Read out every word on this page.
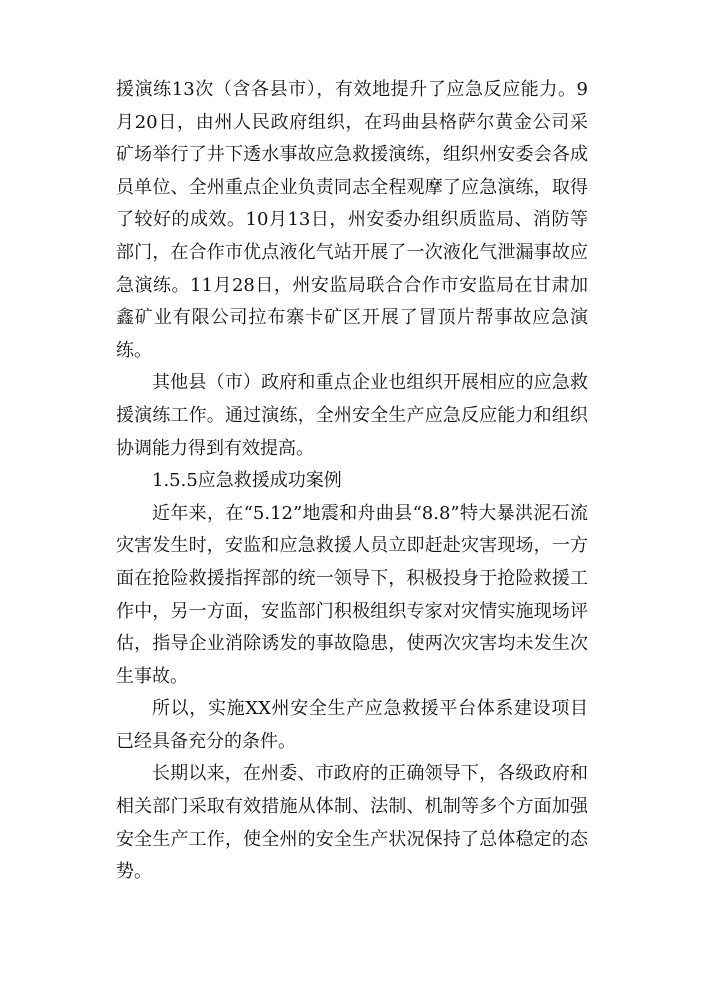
援演练13次（含各县市），有效地提升了应急反应能力。9月20日，由州人民政府组织，在玛曲县格萨尔黄金公司采矿场举行了井下透水事故应急救援演练，组织州安委会各成员单位、全州重点企业负责同志全程观摩了应急演练，取得了较好的成效。10月13日，州安委办组织质监局、消防等部门，在合作市优点液化气站开展了一次液化气泄漏事故应急演练。11月28日，州安监局联合合作市安监局在甘肃加鑫矿业有限公司拉布寨卡矿区开展了冒顶片帮事故应急演练。

其他县（市）政府和重点企业也组织开展相应的应急救援演练工作。通过演练，全州安全生产应急反应能力和组织协调能力得到有效提高。

1.5.5应急救援成功案例

近年来，在“5.12”地震和舟曲县“8.8”特大暴洪泥石流灾害发生时，安监和应急救援人员立即赶赴灾害现场，一方面在抢险救援指挥部的统一领导下，积极投身于抢险救援工作中，另一方面，安监部门积极组织专家对灾情实施现场评估，指导企业消除诱发的事故隐患，使两次灾害均未发生次生事故。

所以，实施XX州安全生产应急救援平台体系建设项目已经具备充分的条件。

长期以来，在州委、市政府的正确领导下，各级政府和相关部门采取有效措施从体制、法制、机制等多个方面加强安全生产工作，使全州的安全生产状况保持了总体稳定的态势。
